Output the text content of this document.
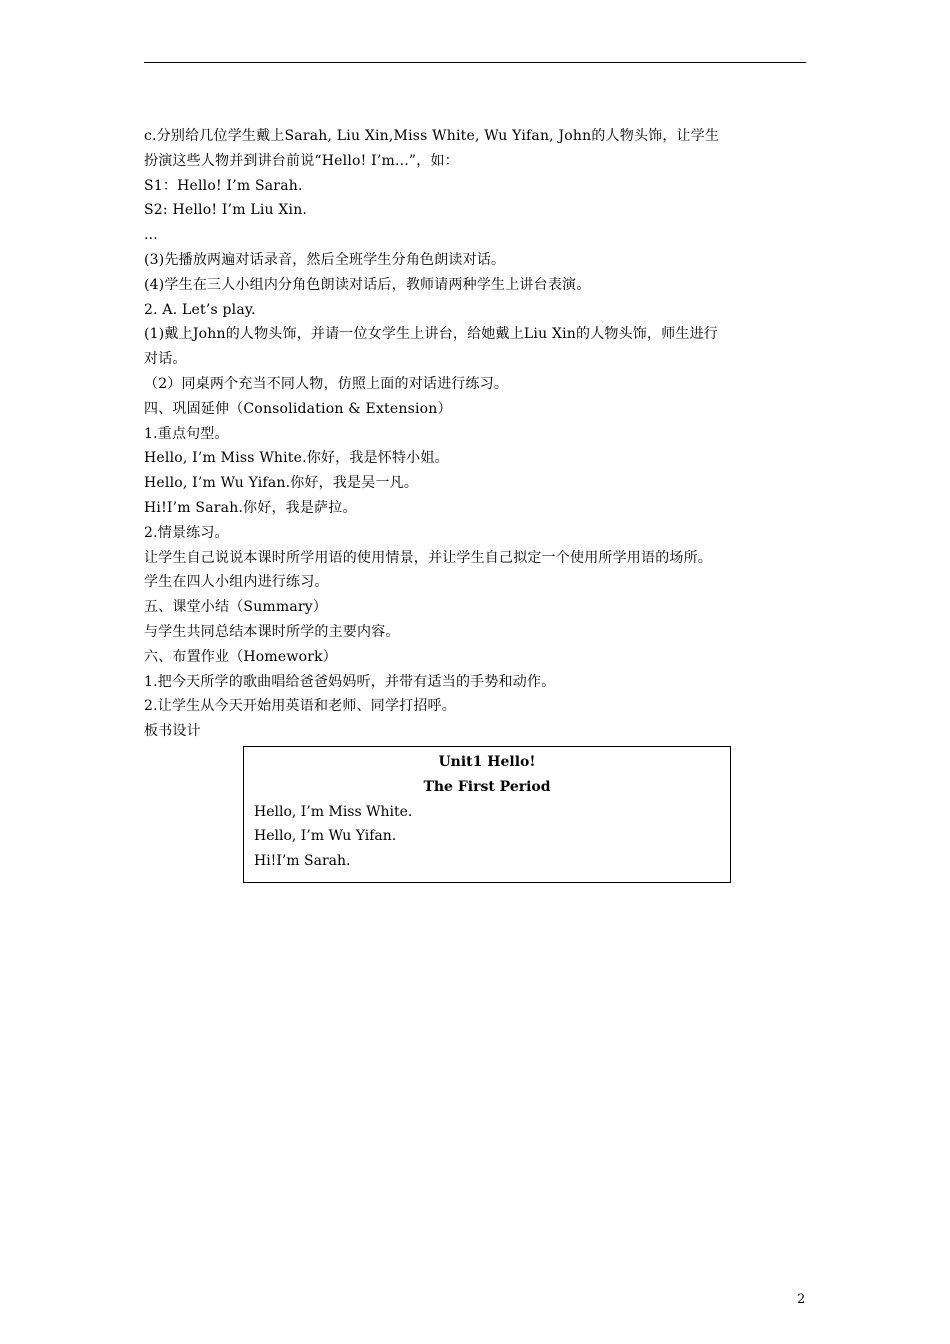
c.分别给几位学生戴上Sarah, Liu Xin,Miss White, Wu Yifan, John的人物头饰，让学生
扮演这些人物并到讲台前说“Hello! I’m...”，如：
S1：Hello! I’m Sarah.
S2: Hello! I’m Liu Xin.
...
(3)先播放两遍对话录音，然后全班学生分角色朗读对话。
(4)学生在三人小组内分角色朗读对话后，教师请两种学生上讲台表演。
2. A. Let’s play.
(1)戴上John的人物头饰，并请一位女学生上讲台，给她戴上Liu Xin的人物头饰，师生进行
对话。
（2）同桌两个充当不同人物，仿照上面的对话进行练习。
四、巩固延伸（Consolidation & Extension）
1.重点句型。
Hello, I’m Miss White.你好，我是怀特小姐。
Hello, I’m Wu Yifan.你好，我是吴一凡。
Hi!I’m Sarah.你好，我是萨拉。
2.情景练习。
让学生自己说说本课时所学用语的使用情景，并让学生自己拟定一个使用所学用语的场所。
学生在四人小组内进行练习。
五、课堂小结（Summary）
与学生共同总结本课时所学的主要内容。
六、布置作业（Homework）
1.把今天所学的歌曲唱给爸爸妈妈听，并带有适当的手势和动作。
2.让学生从今天开始用英语和老师、同学打招呼。
板书设计
Unit1 Hello!
The First Period
Hello, I’m Miss White.
Hello, I’m Wu Yifan.
Hi!I’m Sarah.
2
